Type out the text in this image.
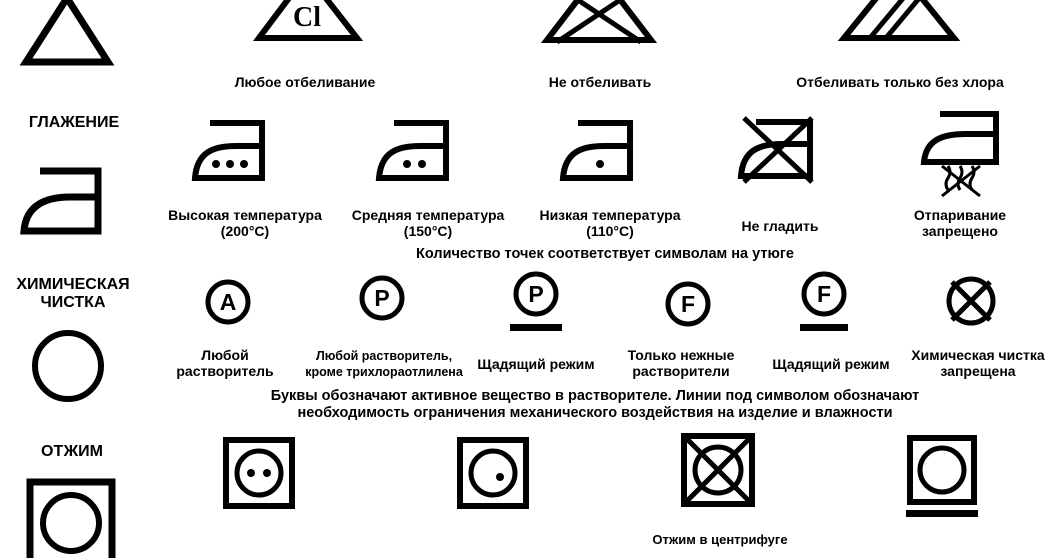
Cl
Любое отбеливание	Не отбеливать	Отбеливать только без хлора
ГЛАЖЕНИЕ
Высокая температура
(200°C)
Средняя температура
(150°C)
Низкая температура
(110°C)	Не гладить
Отпаривание
запрещено
Количество точек соответствует символам на утюге
ХИМИЧЕСКАЯ
ЧИСТКА	A	P	P	F	F
Любой
растворитель
Любой растворитель,
кроме трихлораотлилена	Щадящий режим
Только нежные
растворители	Щадящий режим
Химическая чистка
запрещена
Буквы обозначают активное вещество в растворителе. Линии под символом обозначают
необходимость ограничения механического воздействия на изделие и влажности
ОТЖИМ
Отжим в центрифуге
